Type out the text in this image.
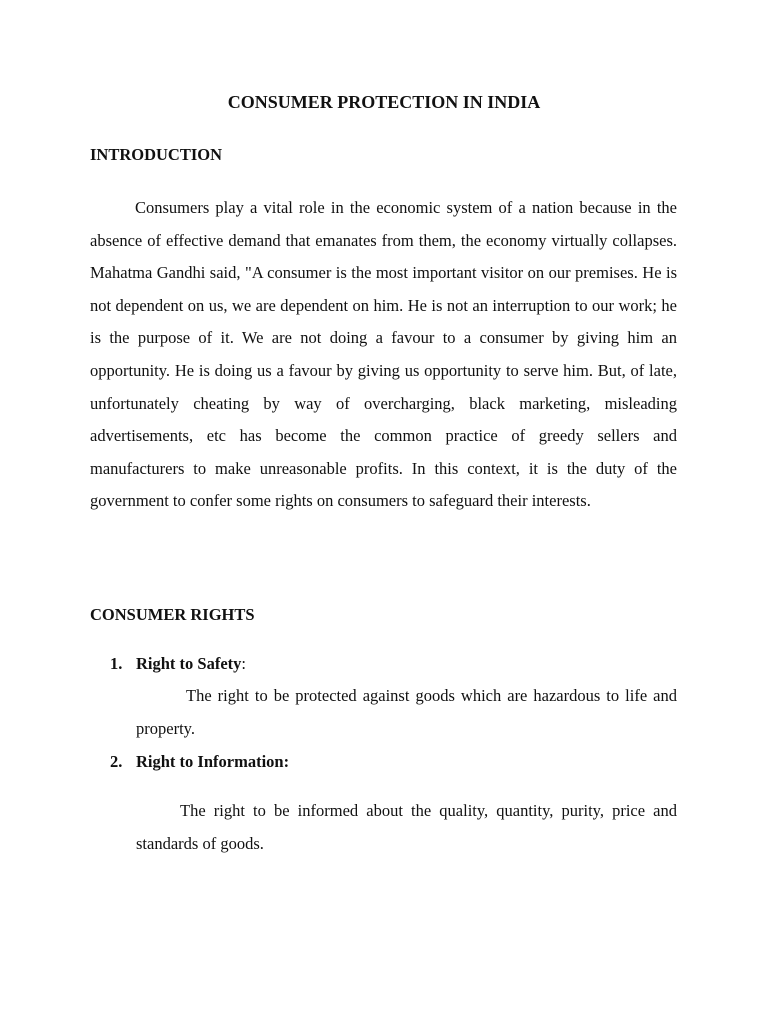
CONSUMER PROTECTION IN INDIA
INTRODUCTION

Consumers play a vital role in the economic system of a nation because in the absence of effective demand that emanates from them, the economy virtually collapses. Mahatma Gandhi said, "A consumer is the most important visitor on our premises. He is not dependent on us, we are dependent on him. He is not an interruption to our work; he is the purpose of it. We are not doing a favour to a consumer by giving him an opportunity. He is doing us a favour by giving us opportunity to serve him. But, of late, unfortunately cheating by way of overcharging, black marketing, misleading advertisements, etc has become the common practice of greedy sellers and manufacturers to make unreasonable profits. In this context, it is the duty of the government to confer some rights on consumers to safeguard their interests.

CONSUMER RIGHTS
1. Right to Safety:

The right to be protected against goods which are hazardous to life and property.

2. Right to Information:

The right to be informed about the quality, quantity, purity, price and standards of goods.
